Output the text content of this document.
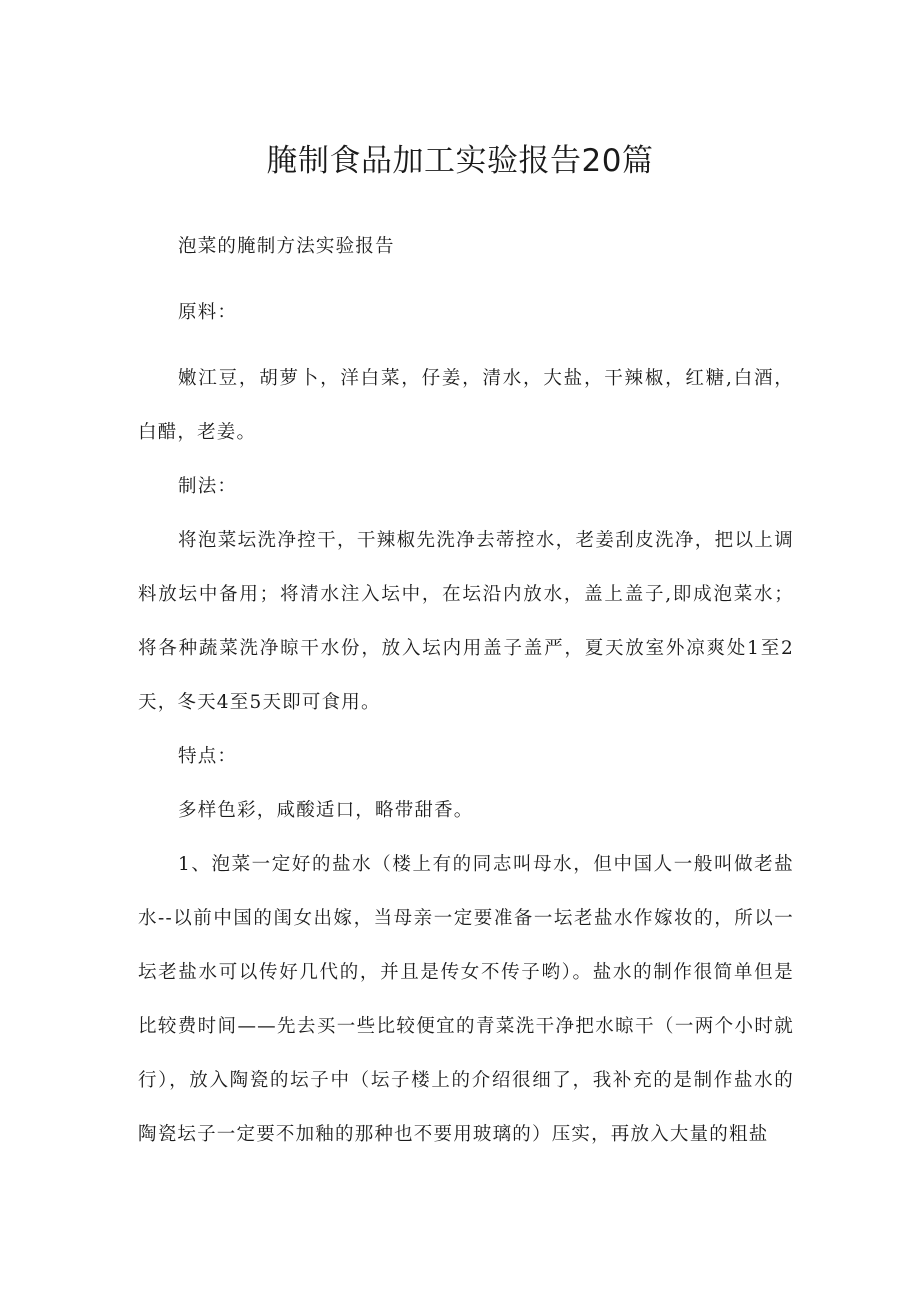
腌制食品加工实验报告20篇

泡菜的腌制方法实验报告

原料：

嫩江豆，胡萝卜，洋白菜，仔姜，清水，大盐，干辣椒，红糖,白酒，白醋，老姜。

制法：

将泡菜坛洗净控干，干辣椒先洗净去蒂控水，老姜刮皮洗净，把以上调料放坛中备用；将清水注入坛中，在坛沿内放水，盖上盖子,即成泡菜水；将各种蔬菜洗净晾干水份，放入坛内用盖子盖严，夏天放室外凉爽处1至2天，冬天4至5天即可食用。

特点：

多样色彩，咸酸适口，略带甜香。

1、泡菜一定好的盐水（楼上有的同志叫母水，但中国人一般叫做老盐水--以前中国的闺女出嫁，当母亲一定要准备一坛老盐水作嫁妆的，所以一坛老盐水可以传好几代的，并且是传女不传子哟）。盐水的制作很简单但是比较费时间——先去买一些比较便宜的青菜洗干净把水晾干（一两个小时就行），放入陶瓷的坛子中（坛子楼上的介绍很细了，我补充的是制作盐水的陶瓷坛子一定要不加釉的那种也不要用玻璃的）压实，再放入大量的粗盐
